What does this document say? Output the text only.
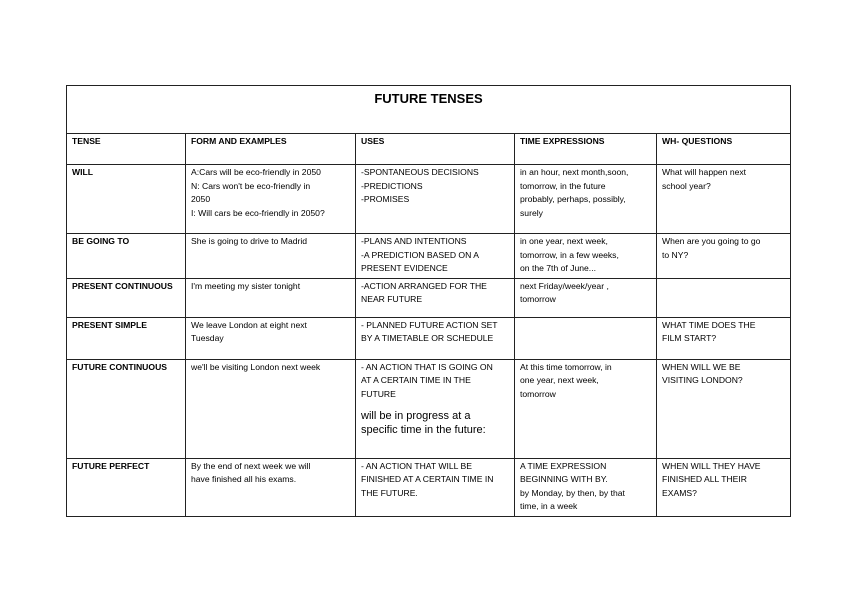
FUTURE TENSES				
TENSE	FORM AND EXAMPLES	USES	TIME EXPRESSIONS	WH- QUESTIONS
WILL	A:Cars will be eco-friendly in 2050
N: Cars won't be eco-friendly in
2050
I: Will cars be eco-friendly in 2050?	-SPONTANEOUS DECISIONS
-PREDICTIONS
-PROMISES	in an hour, next month,soon,
tomorrow, in the future
probably, perhaps, possibly,
surely	What will happen next
school year?

BE GOING TO	She is going to drive to Madrid	-PLANS AND INTENTIONS
-A PREDICTION BASED ON A
PRESENT EVIDENCE	in one year, next week,
tomorrow, in a few weeks,
on the 7th of June...	When are you going to go
to NY?

PRESENT CONTINUOUS	I'm meeting my sister tonight	-ACTION ARRANGED FOR THE
NEAR FUTURE	next Friday/week/year ,
tomorrow	

PRESENT SIMPLE	We leave London at eight next
Tuesday	- PLANNED FUTURE ACTION SET
BY A TIMETABLE OR SCHEDULE		WHAT TIME DOES THE
FILM START?

FUTURE CONTINUOUS	we'll be visiting London next week	- AN ACTION THAT IS GOING ON
AT A CERTAIN TIME IN THE
FUTURE
will be in progress at a specific time in the future:	At this time tomorrow, in
one year, next week,
tomorrow	WHEN WILL WE BE
VISITING LONDON?

FUTURE PERFECT	By the end of next week we will
have finished all his exams.	- AN ACTION THAT WILL BE
FINISHED AT A CERTAIN TIME IN
THE FUTURE.	A TIME EXPRESSION
BEGINNING WITH BY.
by Monday, by then, by that
time, in a week	WHEN WILL THEY HAVE
FINISHED ALL THEIR
EXAMS?
